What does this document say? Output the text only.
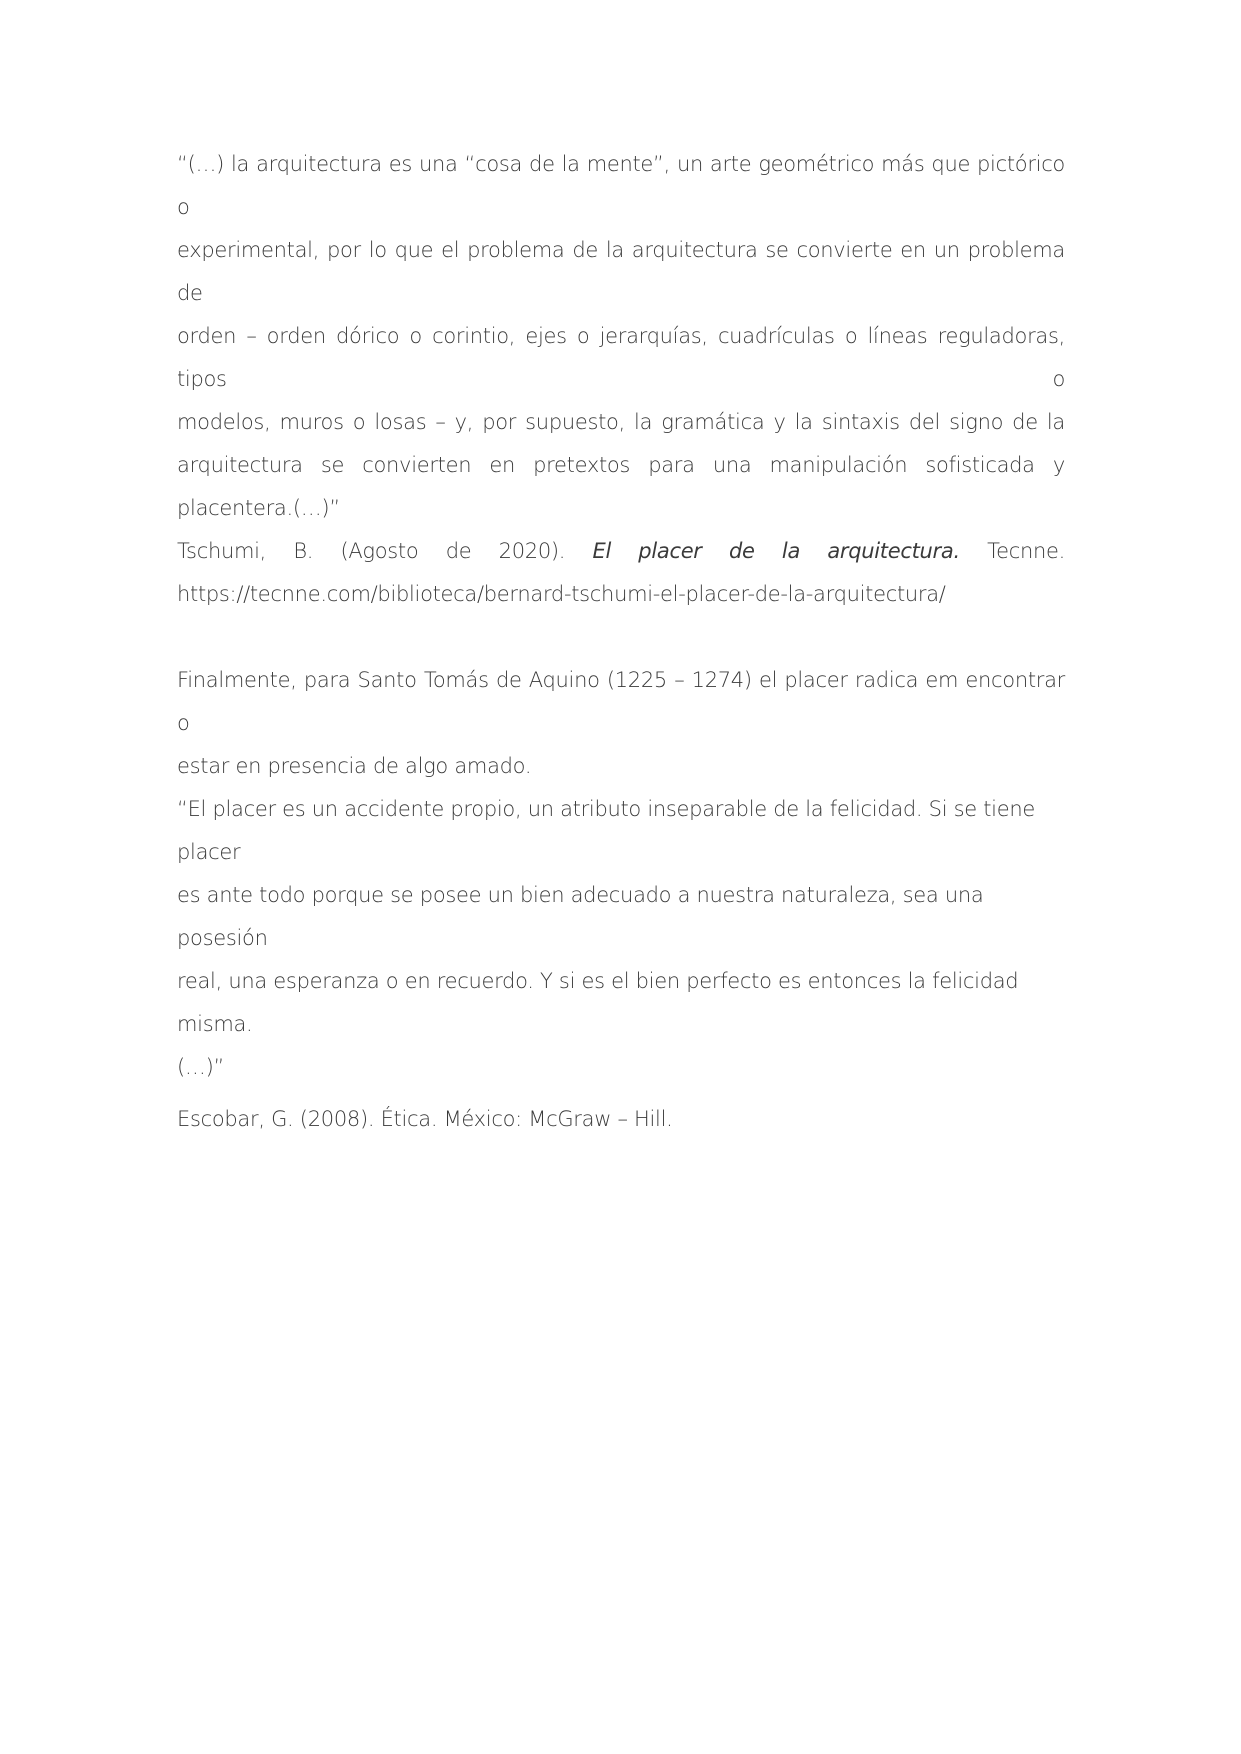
“(…) la arquitectura es una “cosa de la mente”, un arte geométrico más que pictórico o
experimental, por lo que el problema de la arquitectura se convierte en un problema de
orden – orden dórico o corintio, ejes o jerarquías, cuadrículas o líneas reguladoras, tipos o
modelos, muros o losas – y, por supuesto, la gramática y la sintaxis del signo de la
arquitectura se convierten en pretextos para una manipulación sofisticada y placentera.(…)”
Tschumi, B. (Agosto de 2020). El placer de la arquitectura. Tecnne.
https://tecnne.com/biblioteca/bernard-tschumi-el-placer-de-la-arquitectura/
Finalmente, para Santo Tomás de Aquino (1225 – 1274) el placer radica em encontrar o
estar en presencia de algo amado.
“El placer es un accidente propio, un atributo inseparable de la felicidad. Si se tiene placer
es ante todo porque se posee un bien adecuado a nuestra naturaleza, sea una posesión
real, una esperanza o en recuerdo. Y si es el bien perfecto es entonces la felicidad misma.
(…)”
Escobar, G. (2008). Ética. México: McGraw – Hill.
